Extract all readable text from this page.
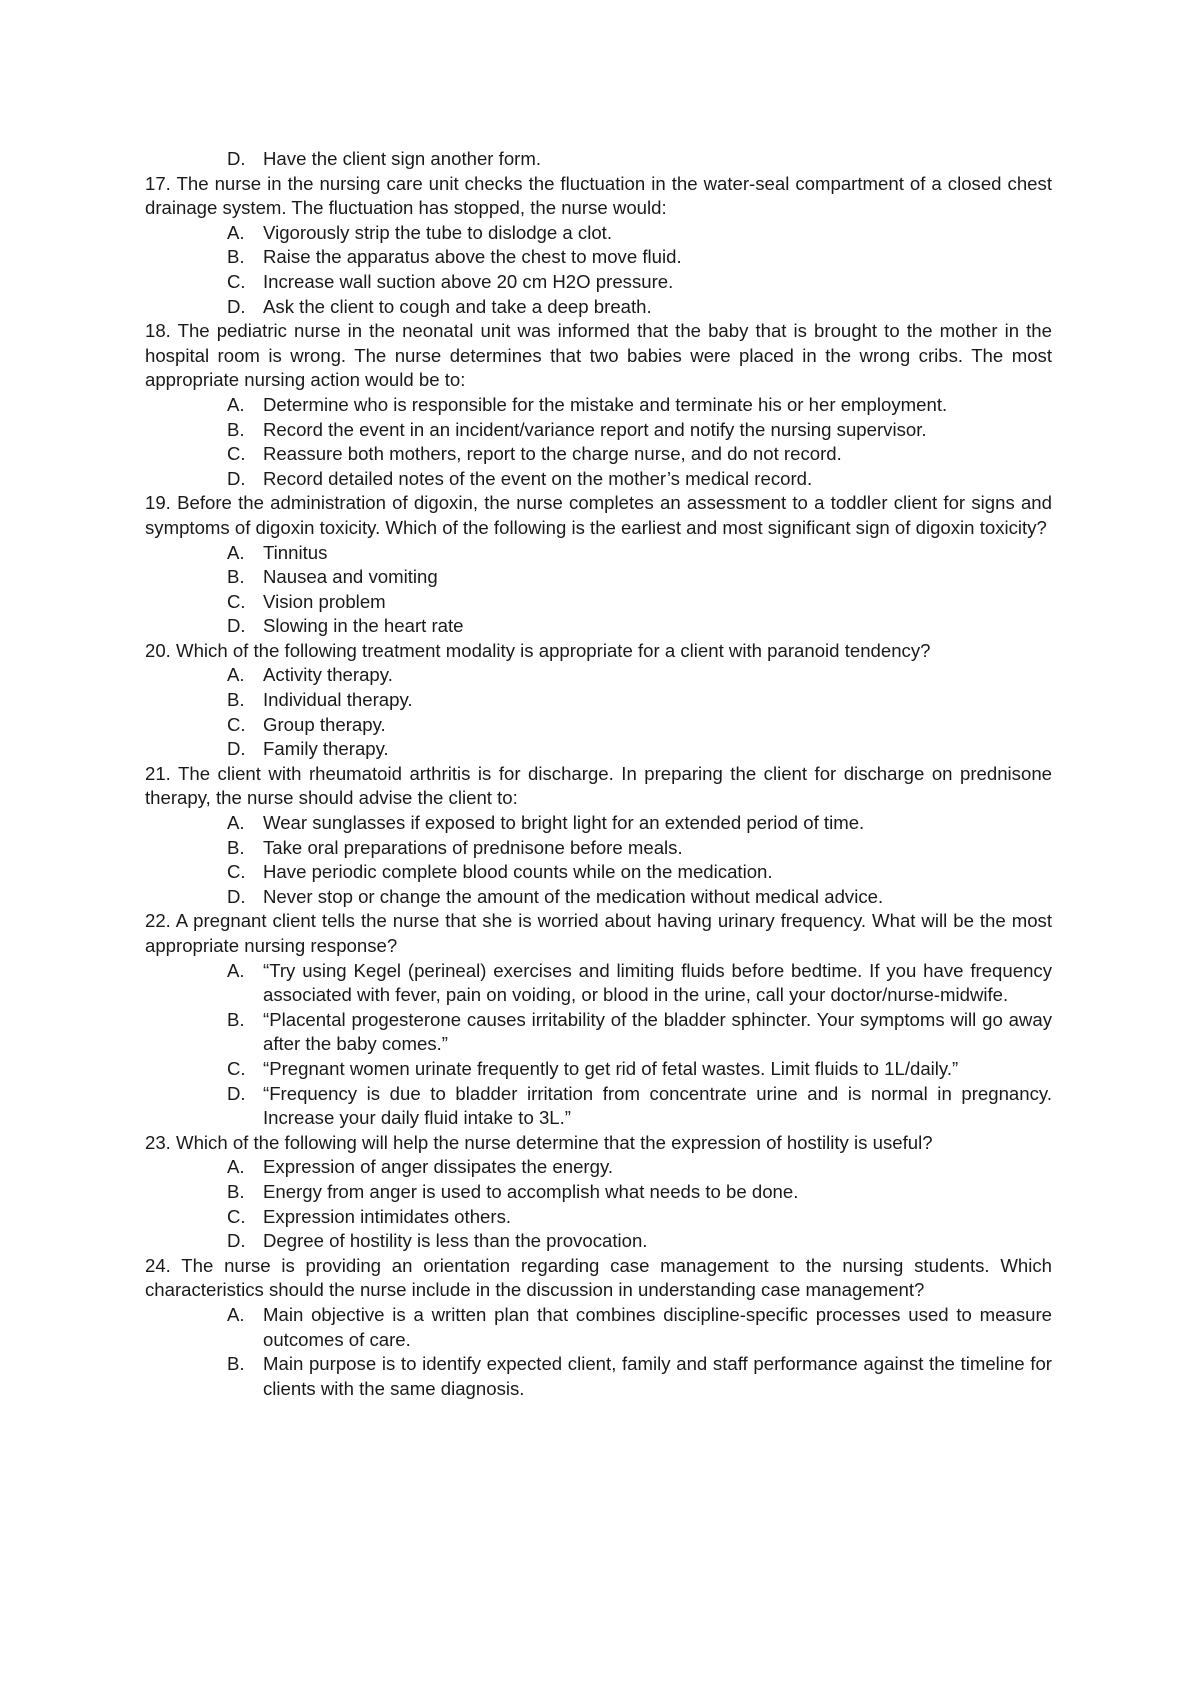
D. Have the client sign another form.

17. The nurse in the nursing care unit checks the fluctuation in the water-seal compartment of a closed chest drainage system. The fluctuation has stopped, the nurse would:

A. Vigorously strip the tube to dislodge a clot.
B. Raise the apparatus above the chest to move fluid.
C. Increase wall suction above 20 cm H2O pressure.
D. Ask the client to cough and take a deep breath.

18. The pediatric nurse in the neonatal unit was informed that the baby that is brought to the mother in the hospital room is wrong. The nurse determines that two babies were placed in the wrong cribs. The most appropriate nursing action would be to:

A. Determine who is responsible for the mistake and terminate his or her employment.
B. Record the event in an incident/variance report and notify the nursing supervisor.
C. Reassure both mothers, report to the charge nurse, and do not record.
D. Record detailed notes of the event on the mother’s medical record.

19. Before the administration of digoxin, the nurse completes an assessment to a toddler client for signs and symptoms of digoxin toxicity. Which of the following is the earliest and most significant sign of digoxin toxicity?

A. Tinnitus
B. Nausea and vomiting
C. Vision problem
D. Slowing in the heart rate

20. Which of the following treatment modality is appropriate for a client with paranoid tendency?

A. Activity therapy.
B. Individual therapy.
C. Group therapy.
D. Family therapy.

21. The client with rheumatoid arthritis is for discharge. In preparing the client for discharge on prednisone therapy, the nurse should advise the client to:

A. Wear sunglasses if exposed to bright light for an extended period of time.
B. Take oral preparations of prednisone before meals.
C. Have periodic complete blood counts while on the medication.
D. Never stop or change the amount of the medication without medical advice.

22. A pregnant client tells the nurse that she is worried about having urinary frequency. What will be the most appropriate nursing response?

A. “Try using Kegel (perineal) exercises and limiting fluids before bedtime. If you have frequency associated with fever, pain on voiding, or blood in the urine, call your doctor/nurse-midwife.
B. “Placental progesterone causes irritability of the bladder sphincter. Your symptoms will go away after the baby comes.”
C. “Pregnant women urinate frequently to get rid of fetal wastes. Limit fluids to 1L/daily.”
D. “Frequency is due to bladder irritation from concentrate urine and is normal in pregnancy. Increase your daily fluid intake to 3L.”

23. Which of the following will help the nurse determine that the expression of hostility is useful?

A. Expression of anger dissipates the energy.
B. Energy from anger is used to accomplish what needs to be done.
C. Expression intimidates others.
D. Degree of hostility is less than the provocation.

24. The nurse is providing an orientation regarding case management to the nursing students. Which characteristics should the nurse include in the discussion in understanding case management?

A. Main objective is a written plan that combines discipline-specific processes used to measure outcomes of care.
B. Main purpose is to identify expected client, family and staff performance against the timeline for clients with the same diagnosis.
